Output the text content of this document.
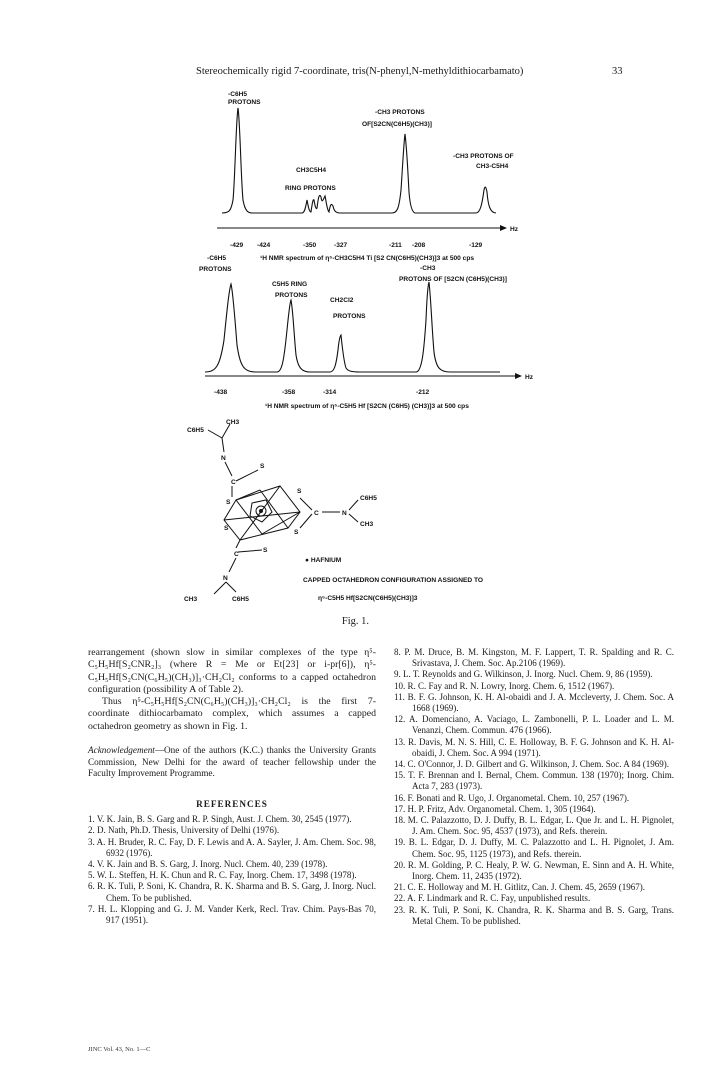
Stereochemically rigid 7-coordinate, tris(N-phenyl,N-methyldithiocarbamato)	33
-C6H5
PROTONS
-CH3 PROTONS
OF[S2CN(C6H5)(CH3)]
CH3C5H4
RING PROTONS
-CH3 PROTONS OF
CH3-C5H4
Hz
-429 -424	-350	-327	-211 -208	-129
¹H NMR spectrum of η⁵-CH3C5H4 Ti [S2 CN(C6H5)(CH3)]3 at 500 cps
-C6H5
PROTONS
C5H5 RING
PROTONS
CH2Cl2
PROTONS
-CH3
PROTONS OF [S2CN (C6H5)(CH3)]
Hz
-438	-358	-314	-212
¹H NMR spectrum of η⁵-C5H5 Hf [S2CN (C6H5) (CH3)]3 at 500 cps
CH3
C6H5
N
C
S
S
S
S
S
S
C	N
C6H5
CH3
C
N
CH3	C6H5
● HAFNIUM
CAPPED OCTAHEDRON CONFIGURATION ASSIGNED TO
η⁵-C5H5 Hf[S2CN(C6H5)(CH3)]3
Fig. 1.

rearrangement (shown slow in similar complexes of the type η⁵-C₅H₅Hf[S₂CNR₂]₃ (where R = Me or Et[23] or i-pr[6]), η⁵-C₅H₅Hf[S₂CN(C₆H₅)(CH₃)]₃·CH₂Cl₂ conforms to a capped octahedron configuration (possibility A of Table 2).

Thus η⁵-C₅H₅Hf[S₂CN(C₆H₅)(CH₃)]₃·CH₂Cl₂ is the first 7-coordinate dithiocarbamato complex, which assumes a capped octahedron geometry as shown in Fig. 1.

Acknowledgement—One of the authors (K.C.) thanks the University Grants Commission, New Delhi for the award of teacher fellowship under the Faculty Improvement Programme.

REFERENCES

1. V. K. Jain, B. S. Garg and R. P. Singh, Aust. J. Chem. 30, 2545 (1977).

2. D. Nath, Ph.D. Thesis, University of Delhi (1976).

3. A. H. Bruder, R. C. Fay, D. F. Lewis and A. A. Sayler, J. Am. Chem. Soc. 98, 6932 (1976).

4. V. K. Jain and B. S. Garg, J. Inorg. Nucl. Chem. 40, 239 (1978).

5. W. L. Steffen, H. K. Chun and R. C. Fay, Inorg. Chem. 17, 3498 (1978).

6. R. K. Tuli, P. Soni, K. Chandra, R. K. Sharma and B. S. Garg, J. Inorg. Nucl. Chem. To be published.

7. H. L. Klopping and G. J. M. Vander Kerk, Recl. Trav. Chim. Pays-Bas 70, 917 (1951).

8. P. M. Druce, B. M. Kingston, M. F. Lappert, T. R. Spalding and R. C. Srivastava, J. Chem. Soc. Ap.2106 (1969).

9. L. T. Reynolds and G. Wilkinson, J. Inorg. Nucl. Chem. 9, 86 (1959).

10. R. C. Fay and R. N. Lowry, Inorg. Chem. 6, 1512 (1967).

11. B. F. G. Johnson, K. H. Al-obaidi and J. A. Mccleverty, J. Chem. Soc. A 1668 (1969).

12. A. Domenciano, A. Vaciago, L. Zambonelli, P. L. Loader and L. M. Venanzi, Chem. Commun. 476 (1966).

13. R. Davis, M. N. S. Hill, C. E. Holloway, B. F. G. Johnson and K. H. Al-obaidi, J. Chem. Soc. A 994 (1971).

14. C. O'Connor, J. D. Gilbert and G. Wilkinson, J. Chem. Soc. A 84 (1969).

15. T. F. Brennan and I. Bernal, Chem. Commun. 138 (1970); Inorg. Chim. Acta 7, 283 (1973).

16. F. Bonati and R. Ugo, J. Organometal. Chem. 10, 257 (1967).

17. H. P. Fritz, Adv. Organometal. Chem. 1, 305 (1964).

18. M. C. Palazzotto, D. J. Duffy, B. L. Edgar, L. Que Jr. and L. H. Pignolet, J. Am. Chem. Soc. 95, 4537 (1973), and Refs. therein.

19. B. L. Edgar, D. J. Duffy, M. C. Palazzotto and L. H. Pignolet, J. Am. Chem. Soc. 95, 1125 (1973), and Refs. therein.

20. R. M. Golding, P. C. Healy, P. W. G. Newman, E. Sinn and A. H. White, Inorg. Chem. 11, 2435 (1972).

21. C. E. Holloway and M. H. Gitlitz, Can. J. Chem. 45, 2659 (1967).

22. A. F. Lindmark and R. C. Fay, unpublished results.

23. R. K. Tuli, P. Soni, K. Chandra, R. K. Sharma and B. S. Garg, Trans. Metal Chem. To be published.

JINC Vol. 43, No. 1—C
